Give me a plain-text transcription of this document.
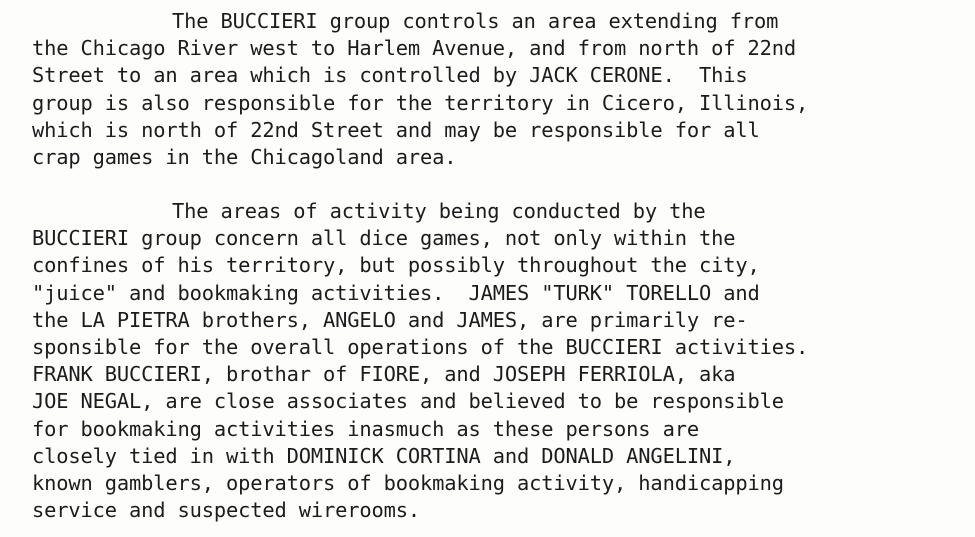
The BUCCIERI group controls an area extending from
the Chicago River west to Harlem Avenue, and from north of 22nd
Street to an area which is controlled by JACK CERONE.  This
group is also responsible for the territory in Cicero, Illinois,
which is north of 22nd Street and may be responsible for all
crap games in the Chicagoland area.
The areas of activity being conducted by the
BUCCIERI group concern all dice games, not only within the
confines of his territory, but possibly throughout the city,
"juice" and bookmaking activities.  JAMES "TURK" TORELLO and
the LA PIETRA brothers, ANGELO and JAMES, are primarily re-
sponsible for the overall operations of the BUCCIERI activities.
FRANK BUCCIERI, brothar of FIORE, and JOSEPH FERRIOLA, aka
JOE NEGAL, are close associates and believed to be responsible
for bookmaking activities inasmuch as these persons are
closely tied in with DOMINICK CORTINA and DONALD ANGELINI,
known gamblers, operators of bookmaking activity, handicapping
service and suspected wirerooms.
